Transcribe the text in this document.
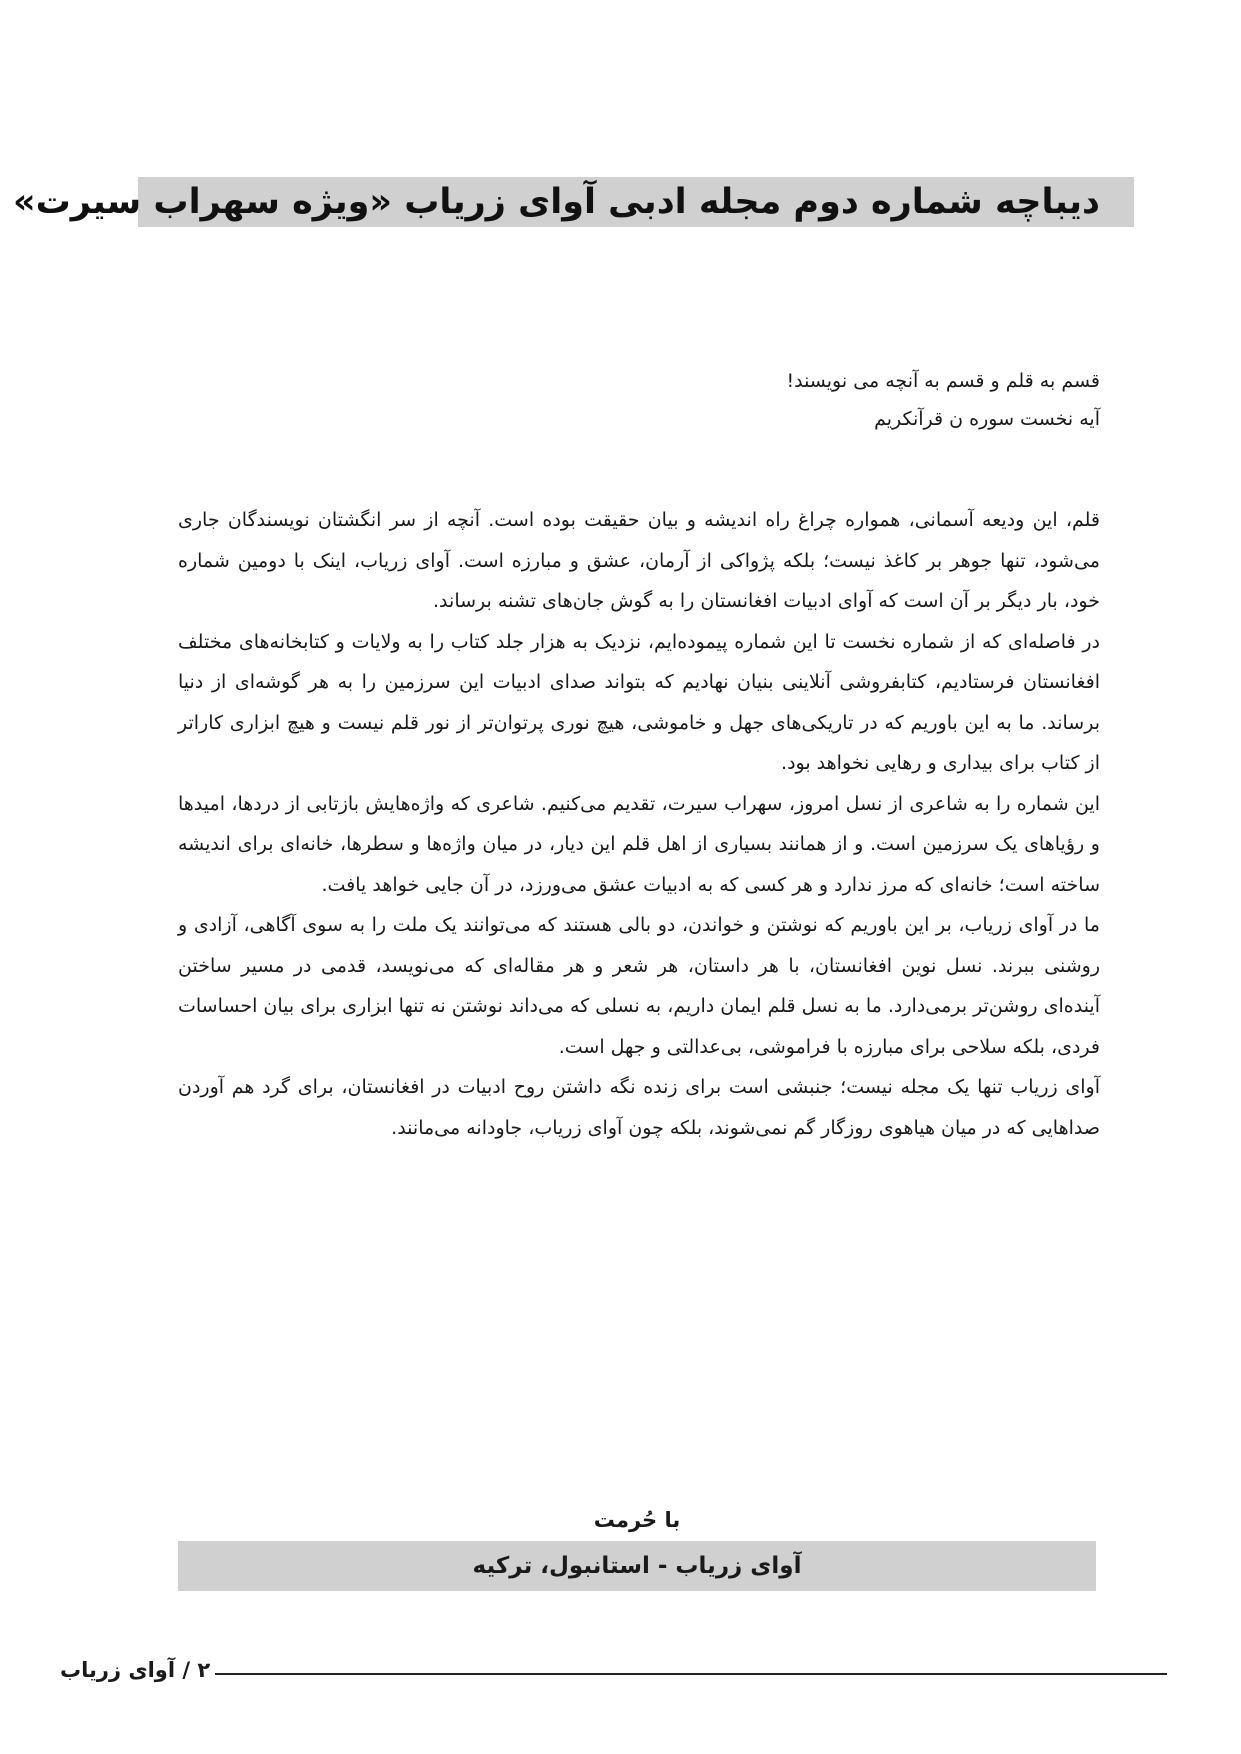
دیباچه شماره دوم مجله ادبی آوای زریاب «ویژه سهراب سیرت»
قسم به قلم و قسم به آنچه می نویسند!
آیه نخست سوره ن قرآنکریم

قلم، این ودیعه آسمانی، همواره چراغ راه اندیشه و بیان حقیقت بوده است. آنچه از سر انگشتان نویسندگان جاری می‌شود، تنها جوهر بر کاغذ نیست؛ بلکه پژواکی از آرمان، عشق و مبارزه است. آوای زریاب، اینک با دومین شماره خود، بار دیگر بر آن است که آوای ادبیات افغانستان را به گوش جان‌های تشنه برساند.

در فاصله‌ای که از شماره نخست تا این شماره پیموده‌ایم، نزدیک به هزار جلد کتاب را به ولایات و کتابخانه‌های مختلف افغانستان فرستادیم، کتابفروشی آنلاینی بنیان نهادیم که بتواند صدای ادبیات این سرزمین را به هر گوشه‌ای از دنیا برساند. ما به این باوریم که در تاریکی‌های جهل و خاموشی، هیچ نوری پرتوان‌تر از نور قلم نیست و هیچ ابزاری کاراتر از کتاب برای بیداری و رهایی نخواهد بود.

این شماره را به شاعری از نسل امروز، سهراب سیرت، تقدیم می‌کنیم. شاعری که واژه‌هایش بازتابی از دردها، امیدها و رؤیاهای یک سرزمین است. و از همانند بسیاری از اهل قلم این دیار، در میان واژه‌ها و سطرها، خانه‌ای برای اندیشه ساخته است؛ خانه‌ای که مرز ندارد و هر کسی که به ادبیات عشق می‌ورزد، در آن جایی خواهد یافت.

ما در آوای زریاب، بر این باوریم که نوشتن و خواندن، دو بالی هستند که می‌توانند یک ملت را به سوی آگاهی، آزادی و روشنی ببرند. نسل نوین افغانستان، با هر داستان، هر شعر و هر مقاله‌ای که می‌نویسد، قدمی در مسیر ساختن آینده‌ای روشن‌تر برمی‌دارد. ما به نسل قلم ایمان داریم، به نسلی که می‌داند نوشتن نه تنها ابزاری برای بیان احساسات فردی، بلکه سلاحی برای مبارزه با فراموشی، بی‌عدالتی و جهل است.

آوای زریاب تنها یک مجله نیست؛ جنبشی است برای زنده نگه داشتن روح ادبیات در افغانستان، برای گرد هم آوردن صداهایی که در میان هیاهوی روزگار گم نمی‌شوند، بلکه چون آوای زریاب، جاودانه می‌مانند.

با حُرمت
آوای زریاب - استانبول، ترکیه
۲ / آوای زریاب
